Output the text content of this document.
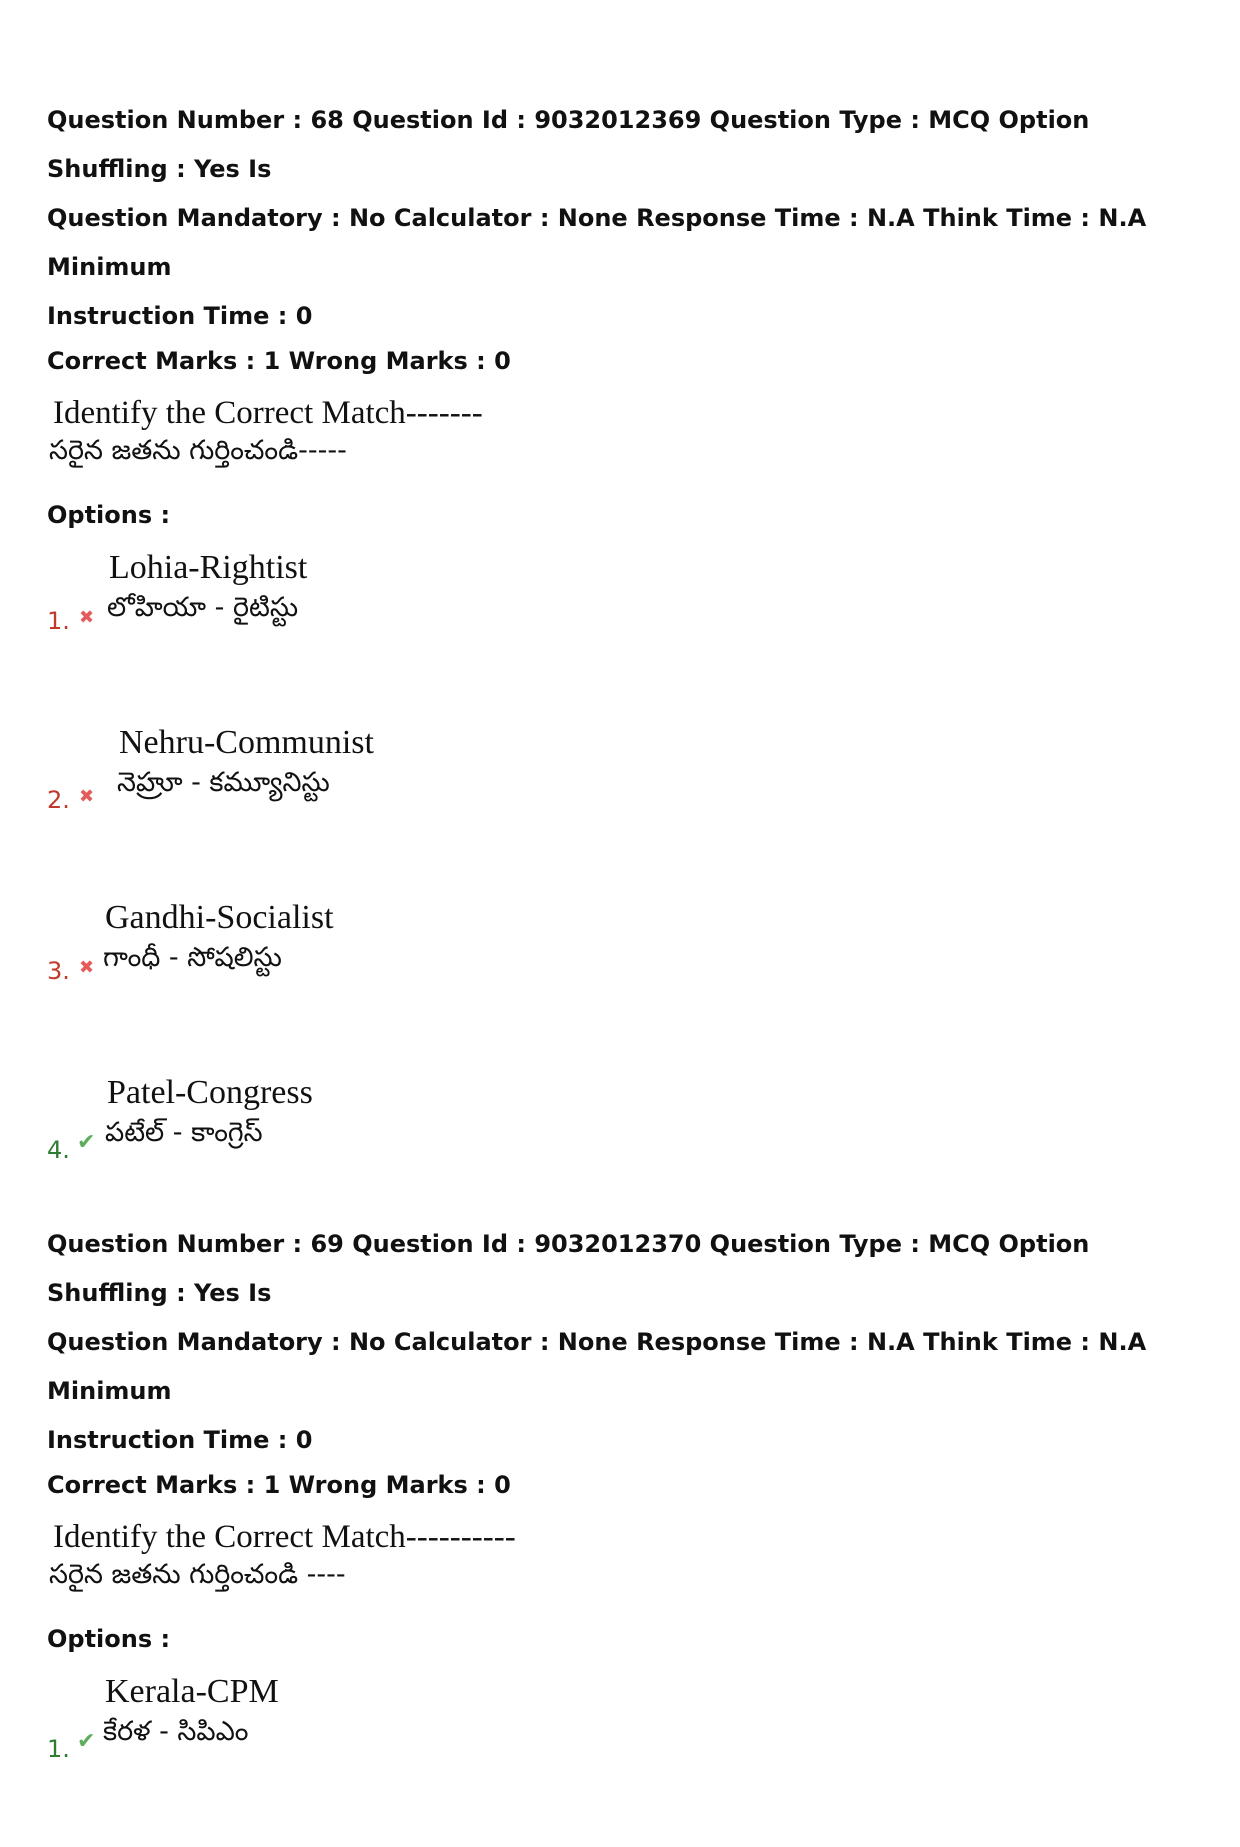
Question Number : 68 Question Id : 9032012369 Question Type : MCQ Option Shuffling : Yes Is

Question Mandatory : No Calculator : None Response Time : N.A Think Time : N.A Minimum

Instruction Time : 0

Correct Marks : 1 Wrong Marks : 0

Identify the Correct Match-------
సరైన జతను గుర్తించండి-----

Options :

Lohia-Rightist
లోహియా - రైటిస్టు
1. ✖
Nehru-Communist
నెహ్రూ - కమ్యూనిస్టు
2. ✖
Gandhi-Socialist
గాంధీ - సోషలిస్టు
3. ✖
Patel-Congress
పటేల్ - కాంగ్రెస్
4. ✔

Question Number : 69 Question Id : 9032012370 Question Type : MCQ Option Shuffling : Yes Is

Question Mandatory : No Calculator : None Response Time : N.A Think Time : N.A Minimum

Instruction Time : 0

Correct Marks : 1 Wrong Marks : 0

Identify the Correct Match----------
సరైన జతను గుర్తించండి ----

Options :

Kerala-CPM
కేరళ - సిపిఎం
1. ✔
